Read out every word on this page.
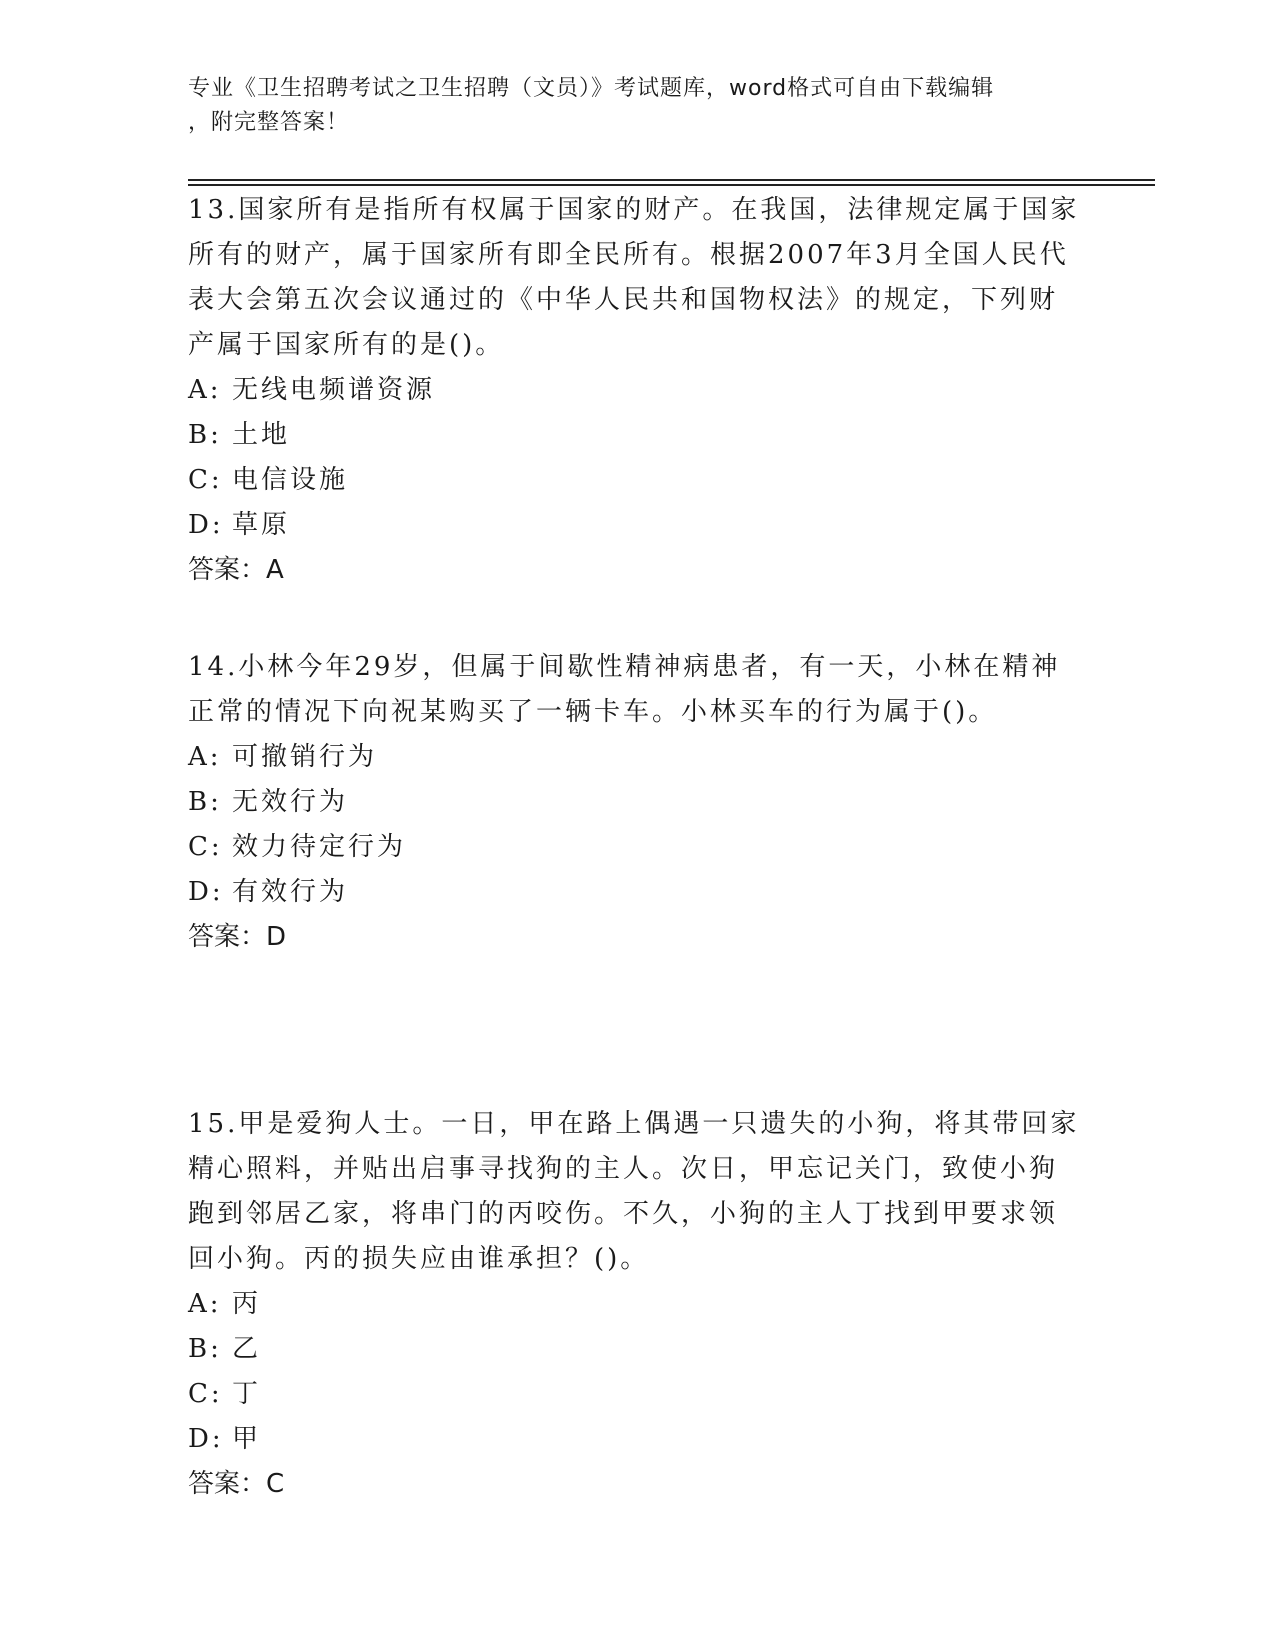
专业《卫生招聘考试之卫生招聘（文员）》考试题库，word格式可自由下载编辑
，附完整答案！

13.国家所有是指所有权属于国家的财产。在我国，法律规定属于国家

所有的财产，属于国家所有即全民所有。根据2007年3月全国人民代

表大会第五次会议通过的《中华人民共和国物权法》的规定，下列财

产属于国家所有的是()。

A: 无线电频谱资源
B: 土地
C: 电信设施
D: 草原
答案： A

14.小林今年29岁，但属于间歇性精神病患者，有一天，小林在精神

正常的情况下向祝某购买了一辆卡车。小林买车的行为属于()。

A: 可撤销行为
B: 无效行为
C: 效力待定行为
D: 有效行为
答案： D

15.甲是爱狗人士。一日，甲在路上偶遇一只遗失的小狗，将其带回家

精心照料，并贴出启事寻找狗的主人。次日，甲忘记关门，致使小狗

跑到邻居乙家，将串门的丙咬伤。不久，小狗的主人丁找到甲要求领

回小狗。丙的损失应由谁承担？()。

A: 丙
B: 乙
C: 丁
D: 甲
答案： C
